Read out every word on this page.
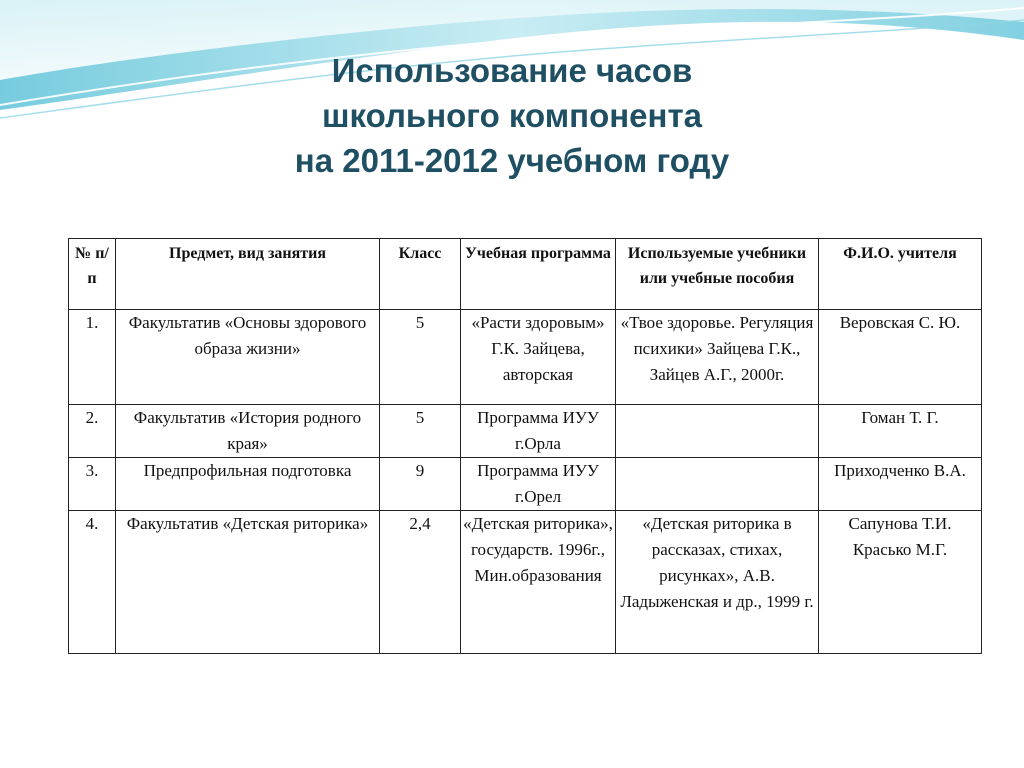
Использование часов
школьного компонента
на 2011-2012 учебном году
№ п/п	Предмет, вид занятия	Класс	Учебная программа	Используемые учебники или учебные пособия	Ф.И.О. учителя
1.	Факультатив «Основы здорового образа жизни»	5	«Расти здоровым» Г.К. Зайцева, авторская	«Твое здоровье. Регуляция психики» Зайцева Г.К., Зайцев А.Г., 2000г.	Веровская С. Ю.
2.	Факультатив «История родного края»	5	Программа ИУУ г.Орла		Гоман Т. Г.
3.	Предпрофильная подготовка	9	Программа ИУУ г.Орел		Приходченко В.А.
4.	Факультатив «Детская риторика»	2,4	«Детская риторика», государств. 1996г., Мин.образования	«Детская риторика в рассказах, стихах, рисунках», А.В. Ладыженская и др., 1999 г.	Сапунова Т.И. Красько М.Г.
